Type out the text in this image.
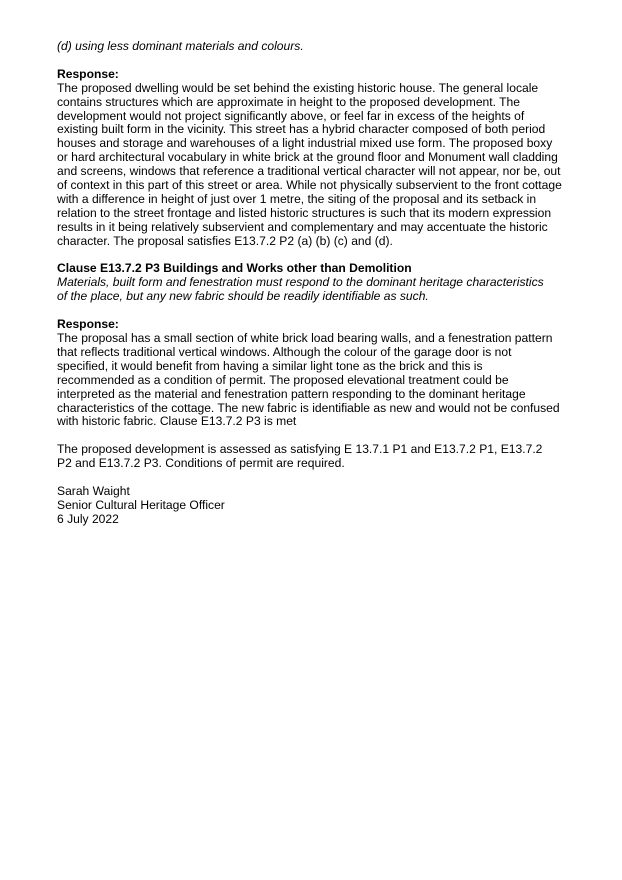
(d) using less dominant materials and colours.
Response:
The proposed dwelling would be set behind the existing historic house. The general locale
contains structures which are approximate in height to the proposed development. The
development would not project significantly above, or feel far in excess of the heights of
existing built form in the vicinity. This street has a hybrid character composed of both period
houses and storage and warehouses of a light industrial mixed use form. The proposed boxy
or hard architectural vocabulary in white brick at the ground floor and Monument wall cladding
and screens, windows that reference a traditional vertical character will not appear, nor be, out
of context in this part of this street or area. While not physically subservient to the front cottage
with a difference in height of just over 1 metre, the siting of the proposal and its setback in
relation to the street frontage and listed historic structures is such that its modern expression
results in it being relatively subservient and complementary and may accentuate the historic
character. The proposal satisfies E13.7.2 P2 (a) (b) (c) and (d).
Clause E13.7.2 P3 Buildings and Works other than Demolition
Materials, built form and fenestration must respond to the dominant heritage characteristics
of the place, but any new fabric should be readily identifiable as such.
Response:
The proposal has a small section of white brick load bearing walls, and a fenestration pattern
that reflects traditional vertical windows. Although the colour of the garage door is not
specified, it would benefit from having a similar light tone as the brick and this is
recommended as a condition of permit. The proposed elevational treatment could be
interpreted as the material and fenestration pattern responding to the dominant heritage
characteristics of the cottage. The new fabric is identifiable as new and would not be confused
with historic fabric. Clause E13.7.2 P3 is met
The proposed development is assessed as satisfying E 13.7.1 P1 and E13.7.2 P1, E13.7.2
P2 and E13.7.2 P3. Conditions of permit are required.
Sarah Waight
Senior Cultural Heritage Officer
6 July 2022
